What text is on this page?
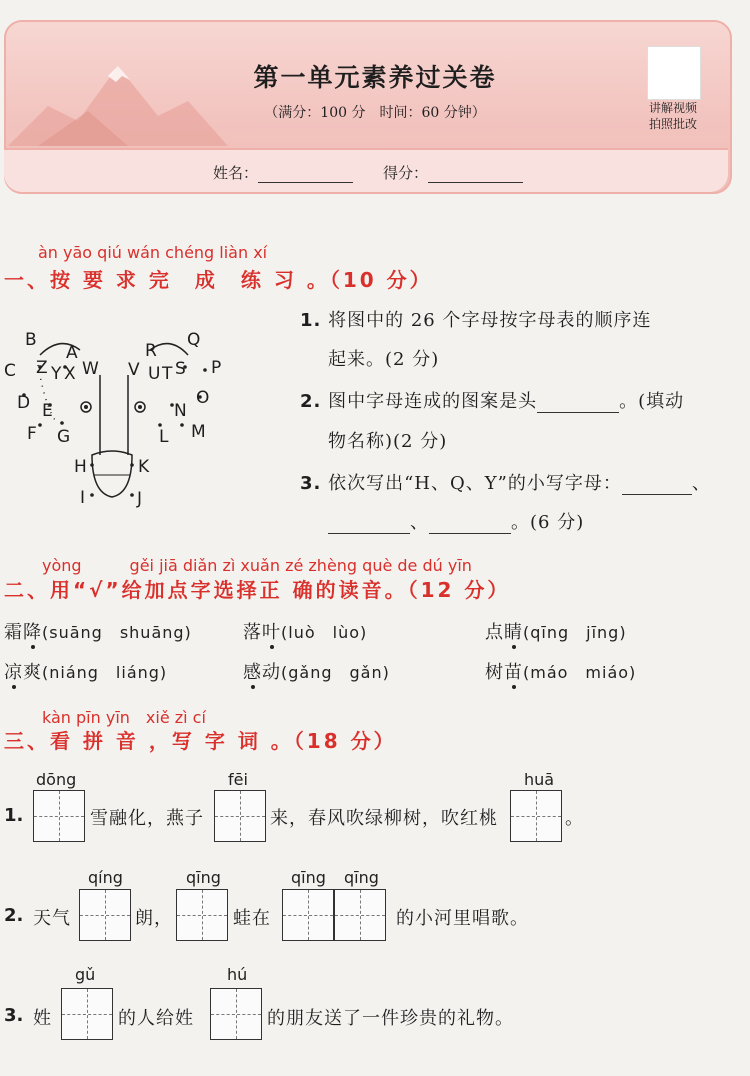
第一单元素养过关卷
（满分：100 分　时间：60 分钟）	讲解视频
拍照批改
姓名：	得分：
àn yāo qiú wán chéng liàn xí
一、按 要 求 完　成　练 习 。（10 分）
B
A	R
Q
C Z Y X W V U T S P
D E
O
N
F G	L M
H	K
I	J
1. 将图中的 26 个字母按字母表的顺序连
起来。(2 分)
2. 图中字母连成的图案是头	。(填动
物名称)(2 分)
3. 依次写出“H、Q、Y”的小写字母：	、
、	。(6 分)
yòng　　　gěi jiā diǎn zì xuǎn zé zhèng què de dú yīn
二、用“√”给加点字选择正 确的读音。（12 分）
霜降(suāng　shuāng)	落叶(luò　lùo)	点睛(qīng　jīng)
凉爽(niáng　liáng)	感动(gǎng　gǎn)	树苗(máo　miáo)
kàn pīn yīn　xiě zì cí
三、看 拼 音 ，写 字 词 。（18 分）
dōng	fēi	huā
1.	雪融化，燕子	来，春风吹绿柳树，吹红桃	。
qíng	qīng	qīng qīng
2. 天气	朗，	蛙在	的小河里唱歌。
gǔ	hú
3. 姓	的人给姓	的朋友送了一件珍贵的礼物。
